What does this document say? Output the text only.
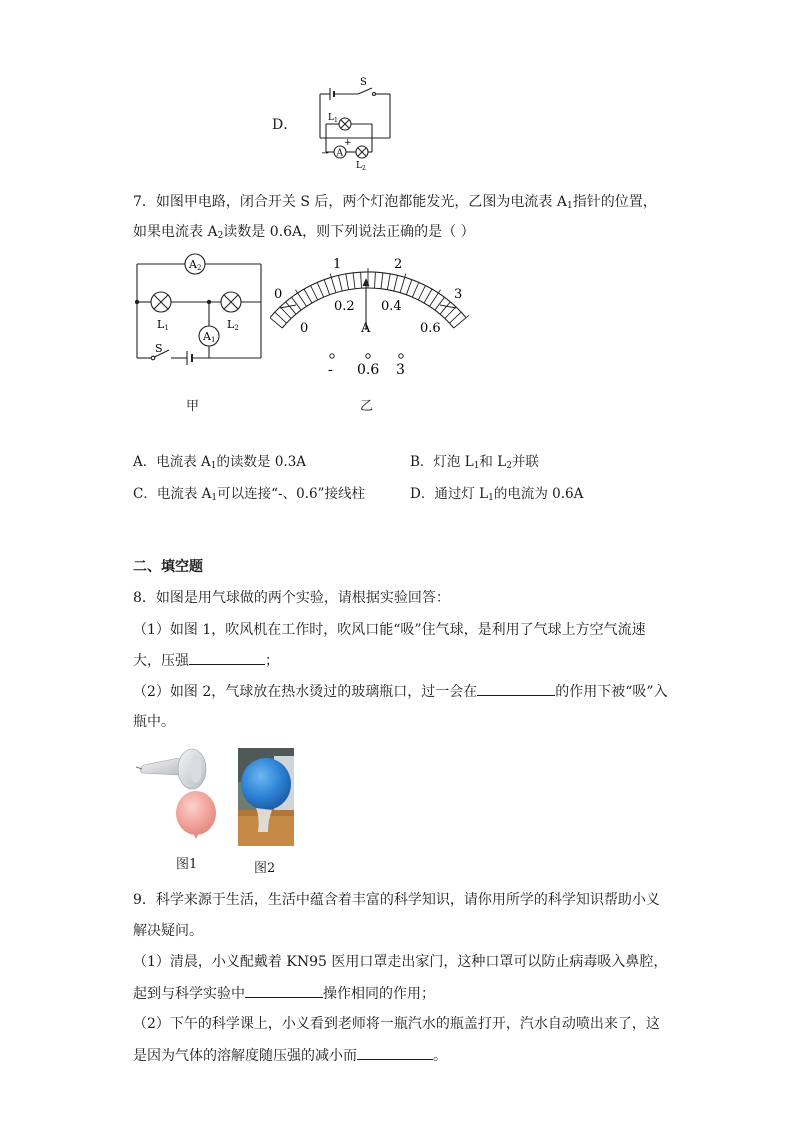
D．
S
$L_1$
A
−
+
$L_2$
7．如图甲电路，闭合开关 S 后，两个灯泡都能发光，乙图为电流表 $A_1$指针的位置，
如果电流表 $A_2$读数是 0.6A，则下列说法正确的是（ ）
A2
A1
L1	L2
S
甲
0
1	2
3
0.2 0.4
0	A	0.6
- 0.6 3
乙
A．电流表 $A_1$的读数是 0.3A	B．灯泡 $L_1$和 $L_2$并联
C．电流表 $A_1$可以连接“-、0.6”接线柱	D．通过灯 $L_1$的电流为 0.6A
二、填空题
8．如图是用气球做的两个实验，请根据实验回答：
（1）如图 1，吹风机在工作时，吹风口能“吸”住气球，是利用了气球上方空气流速
大，压强	；
（2）如图 2，气球放在热水烫过的玻璃瓶口，过一会在	的作用下被“吸”入
瓶中。
图1	图2
9．科学来源于生活，生活中蕴含着丰富的科学知识，请你用所学的科学知识帮助小义
解决疑问。
（1）清晨，小义配戴着 KN95 医用口罩走出家门，这种口罩可以防止病毒吸入鼻腔，
起到与科学实验中	操作相同的作用；
（2）下午的科学课上，小义看到老师将一瓶汽水的瓶盖打开，汽水自动喷出来了，这
是因为气体的溶解度随压强的减小而	。
